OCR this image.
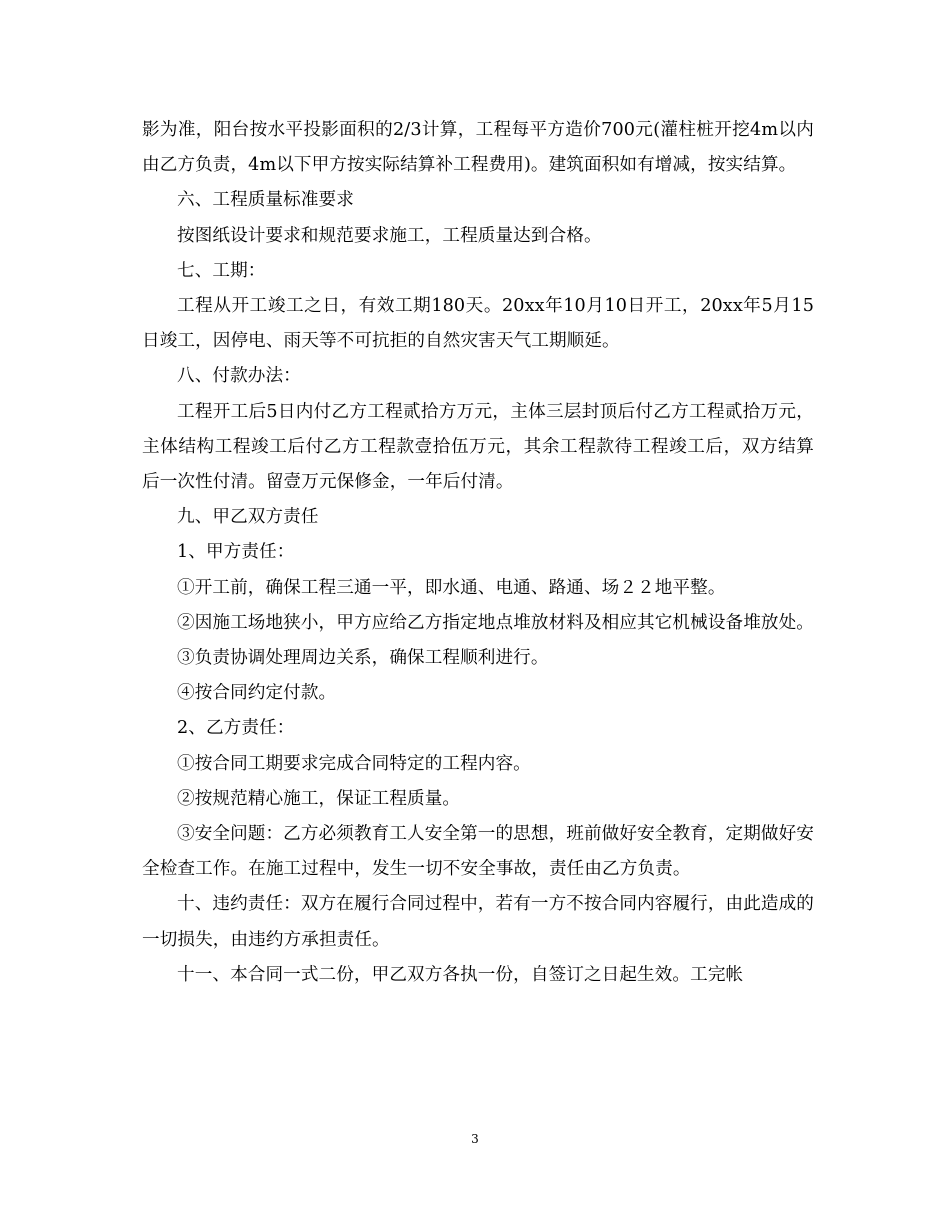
影为准，阳台按水平投影面积的2/3计算，工程每平方造价700元(灌柱桩开挖4m以内由乙方负责，4m以下甲方按实际结算补工程费用)。建筑面积如有增减，按实结算。

六、工程质量标准要求

按图纸设计要求和规范要求施工，工程质量达到合格。

七、工期：

工程从开工竣工之日，有效工期180天。20xx年10月10日开工，20xx年5月15日竣工，因停电、雨天等不可抗拒的自然灾害天气工期顺延。

八、付款办法：

工程开工后5日内付乙方工程贰拾方万元，主体三层封顶后付乙方工程贰拾万元，主体结构工程竣工后付乙方工程款壹拾伍万元，其余工程款待工程竣工后，双方结算后一次性付清。留壹万元保修金，一年后付清。

九、甲乙双方责任

1、甲方责任：

①开工前，确保工程三通一平，即水通、电通、路通、场２２地平整。

②因施工场地狭小，甲方应给乙方指定地点堆放材料及相应其它机械设备堆放处。

③负责协调处理周边关系，确保工程顺利进行。

④按合同约定付款。

2、乙方责任：

①按合同工期要求完成合同特定的工程内容。

②按规范精心施工，保证工程质量。

③安全问题：乙方必须教育工人安全第一的思想，班前做好安全教育，定期做好安全检查工作。在施工过程中，发生一切不安全事故，责任由乙方负责。

十、违约责任：双方在履行合同过程中，若有一方不按合同内容履行，由此造成的一切损失，由违约方承担责任。

十一、本合同一式二份，甲乙双方各执一份，自签订之日起生效。工完帐

3
